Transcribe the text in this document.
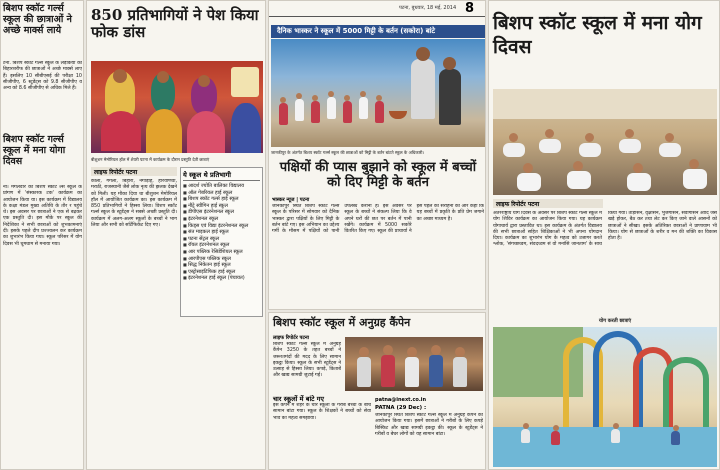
बिशप स्कॉट गर्ल्स स्कूल की छात्राओं ने अच्छे मार्क्स लाये
टना. बिशप स्कॉट गर्ल्स स्कूल के लड़कियों को बिहारशरीफ की छात्राओं ने अच्छे मार्क्स लाए हैं। इसलिए 10 सीबीएसई की परीक्षा 10 सीजीपीए, 6 स्टूडेंट्स को 9.8 सीजीपीए व अन्य को 8.6 सीजीपीए से अधिक मिले हैं।
बिशप स्कॉट गर्ल्स स्कूल में मना योगा दिवस
ना। मंगलवार को बिशप स्कॉट र्ल्स स्कूल के प्रांगण में 'संस्कारक टक' कार्यक्रम का आयोजन किया या। इस कार्यक्रम में विद्यालय के कक्षा मंडल मुख्य अतिथि के तौर र पहुंचे थे। इस अवसर पर छात्राओं ने एक से बढ़कर एक प्रस्तुति दी। इस मौके पर स्कूल की निदेशिका ने सभी छात्राओं को शुभकामनाएं दीं। इसके पहले दीप प्रज्ज्वलन कर कार्यक्रम का शुभारंभ किया गया। स्कूल परिसर में योग दिवस भी धूमधाम से मनाया गया।
850 प्रतिभागियों ने पेश किया फोक डांस
बीशुशन मेमोरियल हॉल में शेयरी पटना में कार्यक्रम के दौरान प्रस्तुति देती छात्राएं
लाइफ रिपोर्टर पटना
कोली, गंगली, बिहारी, नगाड़ीह, हरियाणवी, मराठी, राजस्थानी जैसे लोक नृत्य की झलक देखने को मिली। यह मौका दिया था बीशुशन मेमोरियल हॉल में आयोजित कार्यक्रम का। इस कार्यक्रम में 850 प्रतिभागियों ने हिस्सा लिया। विशप स्कॉट गर्ल्स स्कूल के स्टूडेंट्स ने सबसे अच्छी प्रस्तुति दी। कार्यक्रम में अलग-अलग स्कूलों के बच्चों ने भाग लिया और सभी को सर्टिफिकेट दिए गए।
ये स्कूल थे प्रतिभागी
■ आदर्श ज्योति बालिका विद्यालय
■ ऑल गेबरियल हाई स्कूल
■ बिशप स्कॉट गर्ल्स हाई स्कूल
■ नौट्रे स्वीगिन हाई स्कूल
■ डीपीएस इंटरनेशनल स्कूल
■ इंटरनेशनल स्कूल
■ किड्स एवं विद्या इंटरनेशनल स्कूल
■ संत माइकल हाई स्कूल
■ पटना सेंट्रल स्कूल
■ रॉयल इंटरनेशनल स्कूल
■ आर पब्लिक रेसिडेंशियल स्कूल
■ आरपीएस पब्लिक स्कूल
■ सिद्ध निकेतन हाई स्कूल
■ एस्ट्रोसाइंटिफिक हाई स्कूल
■ इंटरनेशनल हाई स्कूल (पंचायत)
पटना, बुधवार, 18 मई, 2014 8
दैनिक भास्कर ने स्कूल में 5000 मिट्टी के बर्तन (सकोरा) बांटे
जानकीपुर के अंतर्गत बिशप स्कॉट गर्ल्स स्कूल की छात्राओं को मिट्टी के बर्तन बांटते स्कूल के अधिकारी।
पक्षियों की प्यास बुझाने को स्कूल में बच्चों को दिए मिट्टी के बर्तन
भास्कर न्यूज | पटना
जानकीपुर स्थित बिशप स्कॉट गर्ल्स स्कूल के परिसर में सोमवार को दैनिक भास्कर द्वारा पक्षियों के लिए मिट्टी के बर्तन बांटे गए। इस अभियान का उद्देश्य गर्मी के मौसम में पक्षियों को पानी उपलब्ध कराना है। इस अवसर पर स्कूल के बच्चों ने संकल्प लिया कि वे अपने घरों की छत पर बर्तन में पानी रखेंगे। कार्यक्रम में 5000 सकोरे वितरित किए गए। स्कूल की प्राचार्या ने इस पहल की सराहना की और कहा कि यह बच्चों में प्रकृति के प्रति प्रेम जगाने का अच्छा माध्यम है।
बिशप स्कॉट स्कूल में अनुग्रह कैंपेन
लाइफ रिपोर्टर पटना
बिशप स्कॉट गर्ल्स स्कूल में अनुग्रह कैंपेन 3250 के तहत बच्चों ने जरूरतमंदों की मदद के लिए सामान इकट्ठा किया। स्कूल के सभी स्टूडेंट्स ने उत्साह से हिस्सा लिया। कपड़े, किताबें और खाद्य सामग्री जुटाई गई।
चार स्कूलों में बांटे गए
इस कैंपेन में शहर के चार स्कूलों के गरीब बच्चों के बीच सामान बांटा गया। स्कूल के शिक्षकों ने बच्चों को सेवा भाव का महत्व समझाया।
patna@inext.co.in
PATNA (29 Dec) :
जानकीपुर स्थित बिशप स्कॉट गर्ल्स स्कूल में अनुग्रह कैंपेन का आयोजन किया गया। इसमें छात्राओं ने गरीबों के लिए कपड़े बिस्किट और खाद्य सामग्री इकट्ठा की। स्कूल के स्टूडेंट्स ने गरीबों व बेघर लोगों को यह सामान बांटा।
बिशप स्कॉट स्कूल में मना योग दिवस
लाइफ रिपोर्टर पटना
अंतरराष्ट्रीय योग दिवस के अवसर पर बिशप स्कॉट गर्ल्स स्कूल में योग शिविर कार्यक्रम का आयोजन किया गया। यह कार्यक्रम योगाचार्य द्वारा प्रस्तावित था। इस कार्यक्रम के अंतर्गत विद्यालय की सभी छात्राओं सहित शिक्षिकाओं ने भी अपना योगदान दिया। कार्यक्रम का शुभारंभ योग के महत्व को उजागर करते श्लोक, 'संगच्छध्वम, संवदध्वम सं वो मनांसि जानताम' के साथ किया गया। ताड़ासन, वृक्षासन, भुजंगासन, सर्वांगासन आदि जैसे खड़े होकर, बैठ कर तथा लेट कर किए जाने वाले आसनों को छात्राओं ने सीखा। इसके अतिरिक्त छात्राओं ने प्राणायाम भी किया। योग से छात्राओं के शरीर व मन की शक्ति का विकास होता है।
योग करती छात्राएं
